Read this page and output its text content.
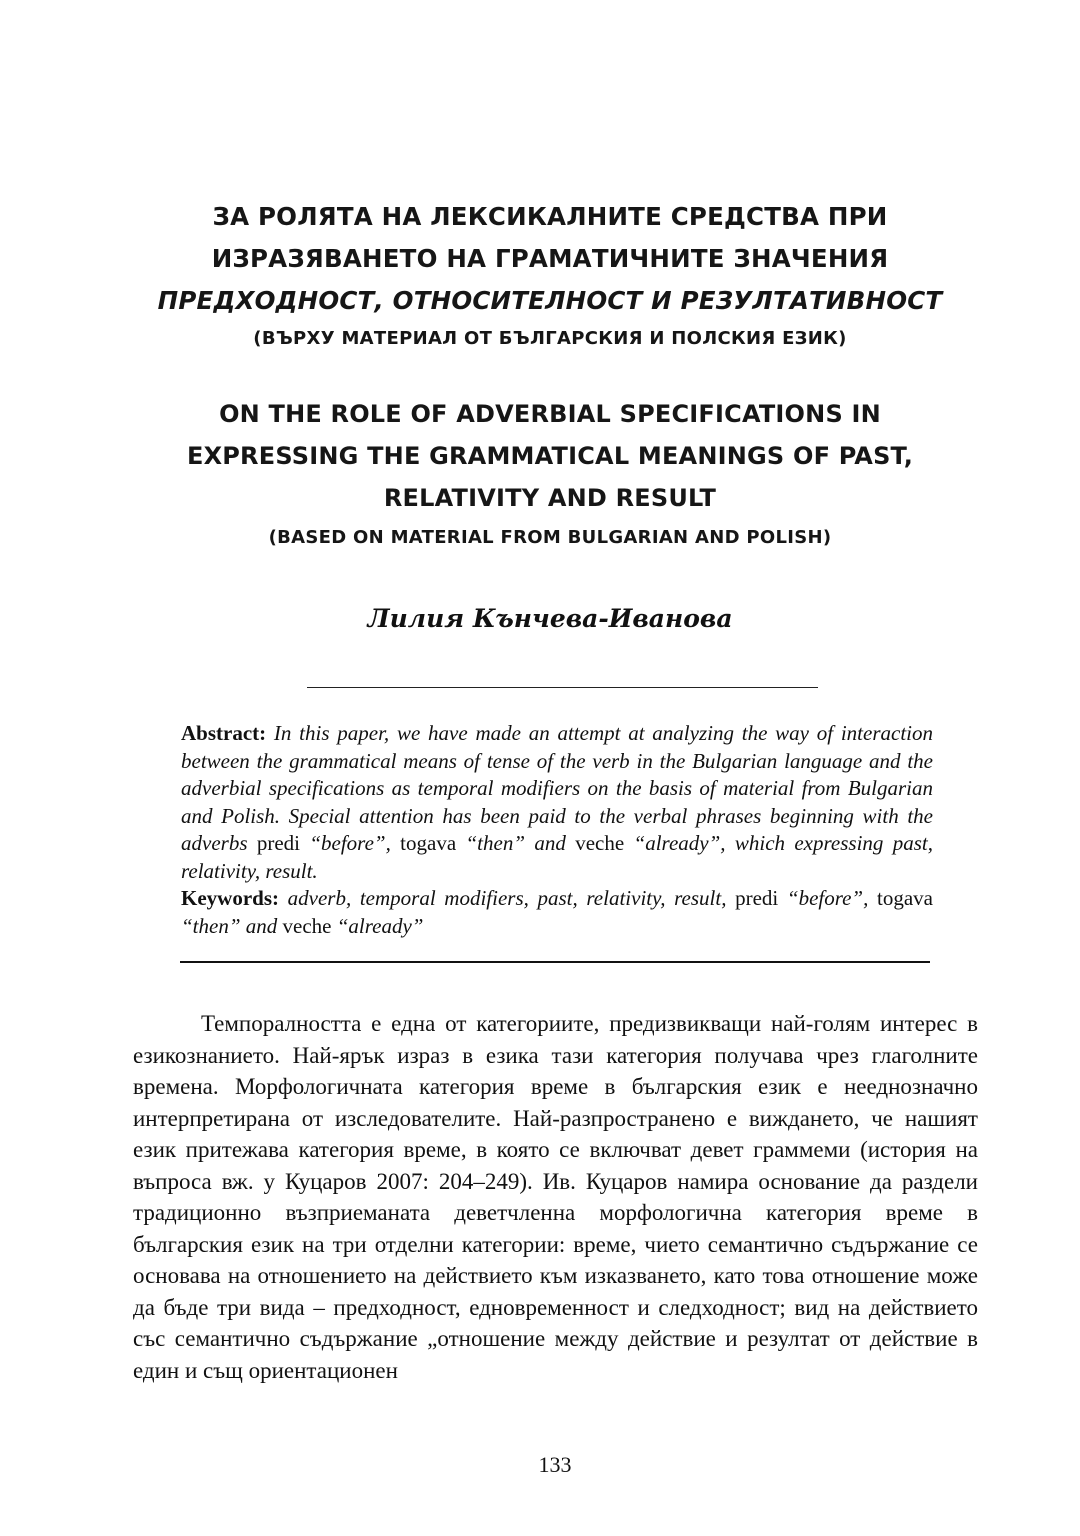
ЗА РОЛЯТА НА ЛЕКСИКАЛНИТЕ СРЕДСТВА ПРИ
ИЗРАЗЯВАНЕТО НА ГРАМАТИЧНИТЕ ЗНАЧЕНИЯ
ПРЕДХОДНОСТ, ОТНОСИТЕЛНОСТ И РЕЗУЛТАТИВНОСТ
(ВЪРХУ МАТЕРИАЛ ОТ БЪЛГАРСКИЯ И ПОЛСКИЯ ЕЗИК)
ON THE ROLE OF ADVERBIAL SPECIFICATIONS IN
EXPRESSING THE GRAMMATICAL MEANINGS OF PAST,
RELATIVITY AND RESULT
(BASED ON MATERIAL FROM BULGARIAN AND POLISH)
Лилия Кънчева-Иванова

Abstract: In this paper, we have made an attempt at analyzing the way of interaction between the grammatical means of tense of the verb in the Bulgarian language and the adverbial specifications as temporal modifiers on the basis of material from Bulgarian and Polish. Special attention has been paid to the verbal phrases beginning with the adverbs predi “before”, togava “then” and veche “already”, which expressing past, relativity, result.

Keywords: adverb, temporal modifiers, past, relativity, result, predi “before”, togava “then” and veche “already”

Темпоралността е една от категориите, предизвикващи най-голям интерес в езикознанието. Най-ярък израз в езика тази категория получава чрез глаголните времена. Морфологичната категория време в българския език е нееднозначно интерпретирана от изследователите. Най-разпространено е виждането, че нашият език притежава категория време, в която се включват девет граммеми (история на въпроса вж. у Куцаров 2007: 204–249). Ив. Куцаров намира основание да раздели традиционно възприеманата деветчленна морфологична категория време в българския език на три отделни категории: време, чието семантично съдържание се основава на отношението на действието към изказването, като това отношение може да бъде три вида – предходност, едновременност и следходност; вид на действието със семантично съдържание „отношение между действие и резултат от действие в един и същ ориентационен

133
